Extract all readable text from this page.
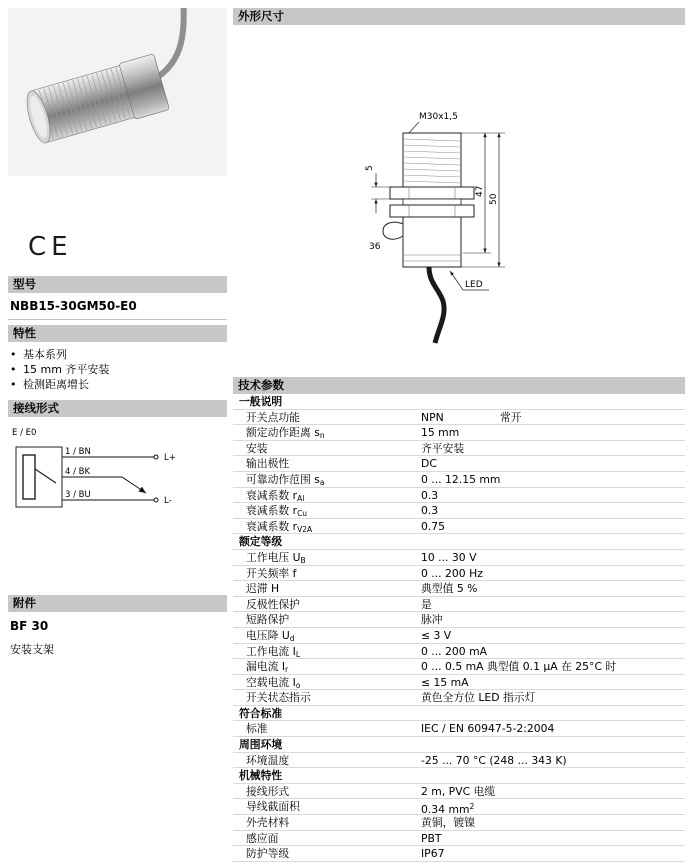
CE
型号
NBB15-30GM50-E0
特性
• 基本系列
• 15 mm 齐平安装
• 检测距离增长
接线形式
E / E0
1 / BN
L+
4 / BK
3 / BU
L-
附件
BF 30
安装支架
外形尺寸
M30x1,5
36
5
47
50
LED
技术参数
一般说明
开关点功能	NPN	常开
额定动作距离 $s_n$	15 mm
安装	齐平安装
输出极性	DC
可靠动作范围 $s_a$	0 ... 12.15 mm
衰减系数 $r_{Al}$	0.3
衰减系数 $r_{Cu}$	0.3
衰减系数 $r_{V2A}$	0.75
额定等级
工作电压 $U_B$	10 ... 30 V
开关频率 f	0 ... 200 Hz
迟滞 H	典型值 5 %
反极性保护	是
短路保护	脉冲
电压降 $U_d$	≤ 3 V
工作电流 $I_L$	0 ... 200 mA
漏电流 $I_r$	0 ... 0.5 mA 典型值 0.1 µA 在 25°C 时
空载电流 $I_o$	≤ 15 mA
开关状态指示	黄色全方位 LED 指示灯
符合标准
标准	IEC / EN 60947-5-2:2004
周围环境
环境温度	-25 ... 70 °C (248 ... 343 K)
机械特性
接线形式	2 m, PVC 电缆
导线截面积	0.34 $mm^2$
外壳材料	黄铜，镀镍
感应面	PBT
防护等级	IP67
